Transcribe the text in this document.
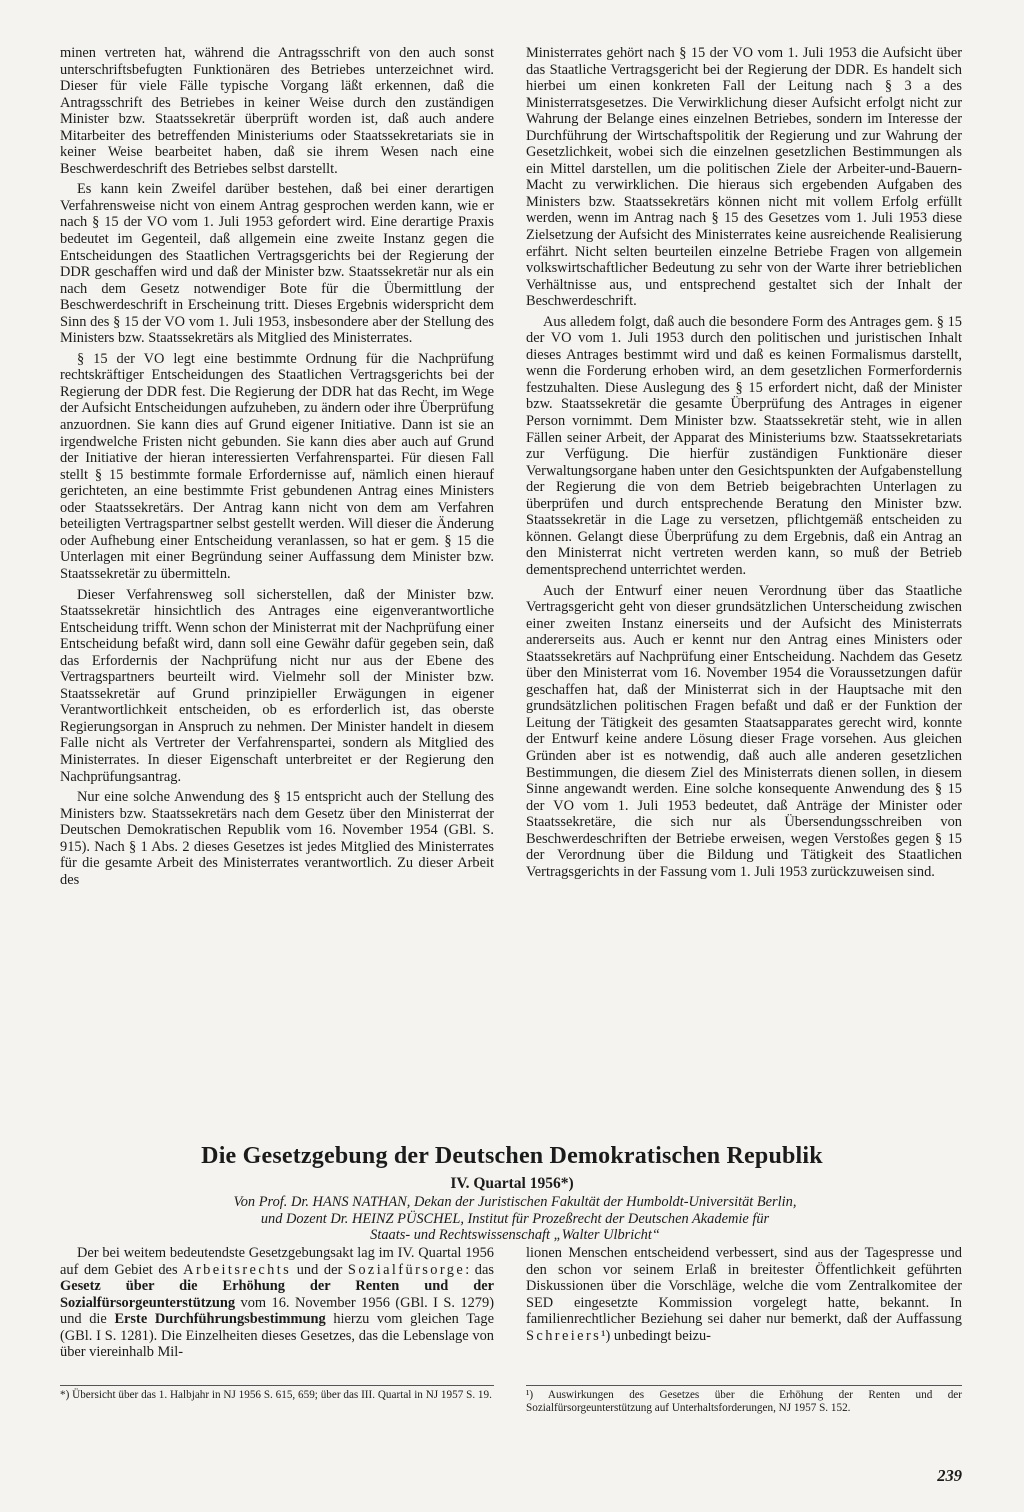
minen vertreten hat, während die Antragsschrift von den auch sonst unterschriftsbefugten Funktionären des Betriebes unterzeichnet wird. Dieser für viele Fälle typische Vorgang läßt erkennen, daß die Antragsschrift des Betriebes in keiner Weise durch den zuständigen Minister bzw. Staatssekretär überprüft worden ist, daß auch andere Mitarbeiter des betreffenden Ministeriums oder Staatssekretariats sie in keiner Weise bearbeitet haben, daß sie ihrem Wesen nach eine Beschwerdeschrift des Betriebes selbst darstellt.

Es kann kein Zweifel darüber bestehen, daß bei einer derartigen Verfahrensweise nicht von einem Antrag gesprochen werden kann, wie er nach § 15 der VO vom 1. Juli 1953 gefordert wird. Eine derartige Praxis bedeutet im Gegenteil, daß allgemein eine zweite Instanz gegen die Entscheidungen des Staatlichen Vertragsgerichts bei der Regierung der DDR geschaffen wird und daß der Minister bzw. Staatssekretär nur als ein nach dem Gesetz notwendiger Bote für die Übermittlung der Beschwerdeschrift in Erscheinung tritt. Dieses Ergebnis widerspricht dem Sinn des § 15 der VO vom 1. Juli 1953, insbesondere aber der Stellung des Ministers bzw. Staatssekretärs als Mitglied des Ministerrates.

§ 15 der VO legt eine bestimmte Ordnung für die Nachprüfung rechtskräftiger Entscheidungen des Staatlichen Vertragsgerichts bei der Regierung der DDR fest. Die Regierung der DDR hat das Recht, im Wege der Aufsicht Entscheidungen aufzuheben, zu ändern oder ihre Überprüfung anzuordnen. Sie kann dies auf Grund eigener Initiative. Dann ist sie an irgendwelche Fristen nicht gebunden. Sie kann dies aber auch auf Grund der Initiative der hieran interessierten Verfahrenspartei. Für diesen Fall stellt § 15 bestimmte formale Erfordernisse auf, nämlich einen hierauf gerichteten, an eine bestimmte Frist gebundenen Antrag eines Ministers oder Staatssekretärs. Der Antrag kann nicht von dem am Verfahren beteiligten Vertragspartner selbst gestellt werden. Will dieser die Änderung oder Aufhebung einer Entscheidung veranlassen, so hat er gem. § 15 die Unterlagen mit einer Begründung seiner Auffassung dem Minister bzw. Staatssekretär zu übermitteln.

Dieser Verfahrensweg soll sicherstellen, daß der Minister bzw. Staatssekretär hinsichtlich des Antrages eine eigenverantwortliche Entscheidung trifft. Wenn schon der Ministerrat mit der Nachprüfung einer Entscheidung befaßt wird, dann soll eine Gewähr dafür gegeben sein, daß das Erfordernis der Nachprüfung nicht nur aus der Ebene des Vertragspartners beurteilt wird. Vielmehr soll der Minister bzw. Staatssekretär auf Grund prinzipieller Erwägungen in eigener Verantwortlichkeit entscheiden, ob es erforderlich ist, das oberste Regierungsorgan in Anspruch zu nehmen. Der Minister handelt in diesem Falle nicht als Vertreter der Verfahrenspartei, sondern als Mitglied des Ministerrates. In dieser Eigenschaft unterbreitet er der Regierung den Nachprüfungsantrag.

Nur eine solche Anwendung des § 15 entspricht auch der Stellung des Ministers bzw. Staatssekretärs nach dem Gesetz über den Ministerrat der Deutschen Demokratischen Republik vom 16. November 1954 (GBl. S. 915). Nach § 1 Abs. 2 dieses Gesetzes ist jedes Mitglied des Ministerrates für die gesamte Arbeit des Ministerrates verantwortlich. Zu dieser Arbeit des

Ministerrates gehört nach § 15 der VO vom 1. Juli 1953 die Aufsicht über das Staatliche Vertragsgericht bei der Regierung der DDR. Es handelt sich hierbei um einen konkreten Fall der Leitung nach § 3 a des Ministerratsgesetzes. Die Verwirklichung dieser Aufsicht erfolgt nicht zur Wahrung der Belange eines einzelnen Betriebes, sondern im Interesse der Durchführung der Wirtschaftspolitik der Regierung und zur Wahrung der Gesetzlichkeit, wobei sich die einzelnen gesetzlichen Bestimmungen als ein Mittel darstellen, um die politischen Ziele der Arbeiter-und-Bauern-Macht zu verwirklichen. Die hieraus sich ergebenden Aufgaben des Ministers bzw. Staatssekretärs können nicht mit vollem Erfolg erfüllt werden, wenn im Antrag nach § 15 des Gesetzes vom 1. Juli 1953 diese Zielsetzung der Aufsicht des Ministerrates keine ausreichende Realisierung erfährt. Nicht selten beurteilen einzelne Betriebe Fragen von allgemein volkswirtschaftlicher Bedeutung zu sehr von der Warte ihrer betrieblichen Verhältnisse aus, und entsprechend gestaltet sich der Inhalt der Beschwerdeschrift.

Aus alledem folgt, daß auch die besondere Form des Antrages gem. § 15 der VO vom 1. Juli 1953 durch den politischen und juristischen Inhalt dieses Antrages bestimmt wird und daß es keinen Formalismus darstellt, wenn die Forderung erhoben wird, an dem gesetzlichen Formerfordernis festzuhalten. Diese Auslegung des § 15 erfordert nicht, daß der Minister bzw. Staatssekretär die gesamte Überprüfung des Antrages in eigener Person vornimmt. Dem Minister bzw. Staatssekretär steht, wie in allen Fällen seiner Arbeit, der Apparat des Ministeriums bzw. Staatssekretariats zur Verfügung. Die hierfür zuständigen Funktionäre dieser Verwaltungsorgane haben unter den Gesichtspunkten der Aufgabenstellung der Regierung die von dem Betrieb beigebrachten Unterlagen zu überprüfen und durch entsprechende Beratung den Minister bzw. Staatssekretär in die Lage zu versetzen, pflichtgemäß entscheiden zu können. Gelangt diese Überprüfung zu dem Ergebnis, daß ein Antrag an den Ministerrat nicht vertreten werden kann, so muß der Betrieb dementsprechend unterrichtet werden.

Auch der Entwurf einer neuen Verordnung über das Staatliche Vertragsgericht geht von dieser grundsätzlichen Unterscheidung zwischen einer zweiten Instanz einerseits und der Aufsicht des Ministerrats andererseits aus. Auch er kennt nur den Antrag eines Ministers oder Staatssekretärs auf Nachprüfung einer Entscheidung. Nachdem das Gesetz über den Ministerrat vom 16. November 1954 die Voraussetzungen dafür geschaffen hat, daß der Ministerrat sich in der Hauptsache mit den grundsätzlichen politischen Fragen befaßt und daß er der Funktion der Leitung der Tätigkeit des gesamten Staatsapparates gerecht wird, konnte der Entwurf keine andere Lösung dieser Frage vorsehen. Aus gleichen Gründen aber ist es notwendig, daß auch alle anderen gesetzlichen Bestimmungen, die diesem Ziel des Ministerrats dienen sollen, in diesem Sinne angewandt werden. Eine solche konsequente Anwendung des § 15 der VO vom 1. Juli 1953 bedeutet, daß Anträge der Minister oder Staatssekretäre, die sich nur als Übersendungsschreiben von Beschwerdeschriften der Betriebe erweisen, wegen Verstoßes gegen § 15 der Verordnung über die Bildung und Tätigkeit des Staatlichen Vertragsgerichts in der Fassung vom 1. Juli 1953 zurückzuweisen sind.

Die Gesetzgebung der Deutschen Demokratischen Republik
IV. Quartal 1956*)
Von Prof. Dr. HANS NATHAN, Dekan der Juristischen Fakultät der Humboldt-Universität Berlin,
und Dozent Dr. HEINZ PÜSCHEL, Institut für Prozeßrecht der Deutschen Akademie für
Staats- und Rechtswissenschaft „Walter Ulbricht“

Der bei weitem bedeutendste Gesetzgebungsakt lag im IV. Quartal 1956 auf dem Gebiet des Arbeitsrechts und der Sozialfürsorge: das Gesetz über die Erhöhung der Renten und der Sozialfürsorgeunterstützung vom 16. November 1956 (GBl. I S. 1279) und die Erste Durchführungsbestimmung hierzu vom gleichen Tage (GBl. I S. 1281). Die Einzelheiten dieses Gesetzes, das die Lebenslage von über viereinhalb Mil-

lionen Menschen entscheidend verbessert, sind aus der Tagespresse und den schon vor seinem Erlaß in breitester Öffentlichkeit geführten Diskussionen über die Vorschläge, welche die vom Zentralkomitee der SED eingesetzte Kommission vorgelegt hatte, bekannt. In familienrechtlicher Beziehung sei daher nur bemerkt, daß der Auffassung Schreiers¹) unbedingt beizu-

*) Übersicht über das 1. Halbjahr in NJ 1956 S. 615, 659; über das III. Quartal in NJ 1957 S. 19.	¹) Auswirkungen des Gesetzes über die Erhöhung der Renten und der Sozialfürsorgeunterstützung auf Unterhaltsforderungen, NJ 1957 S. 152.
239
